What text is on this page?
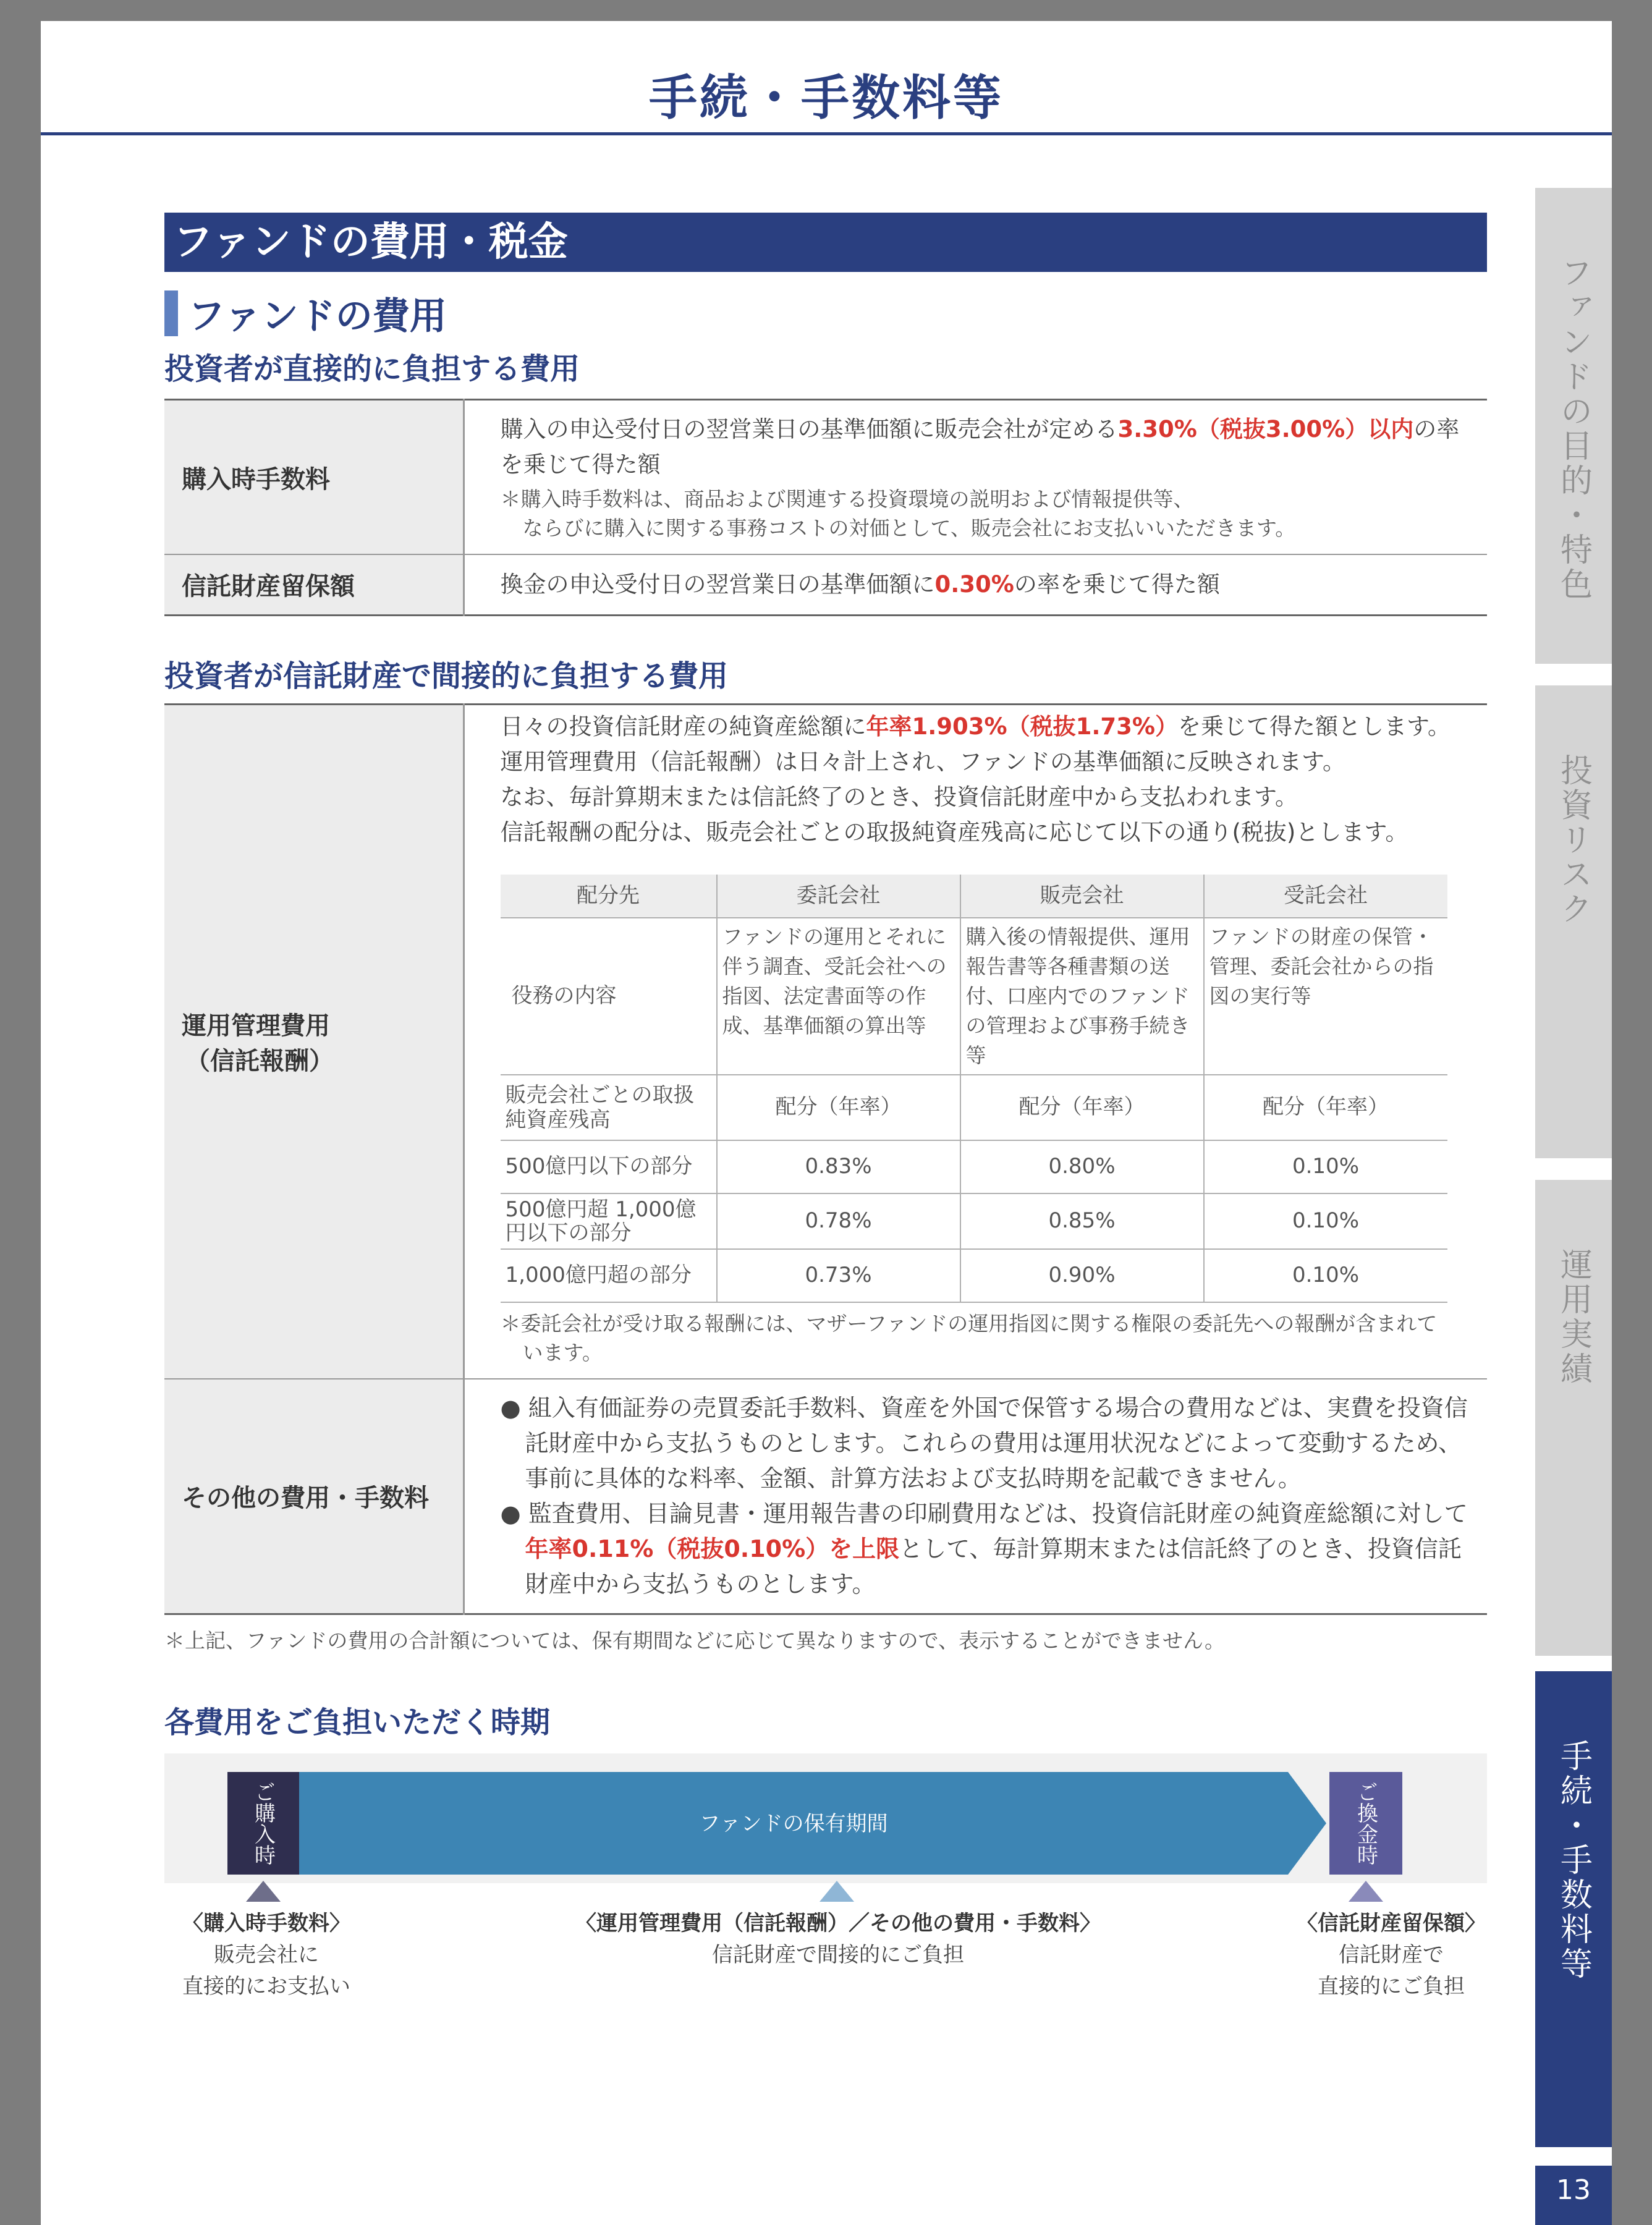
手続・手数料等
ファンドの目的・特色
投資リスク
運用実績
手続・手数料等
13
ファンドの費用・税金
ファンドの費用
投資者が直接的に負担する費用
購入時手数料	購入の申込受付日の翌営業日の基準価額に販売会社が定める3.30%（税抜3.00%）以内の率を乗じて得た額
＊購入時手数料は、商品および関連する投資環境の説明および情報提供等、
ならびに購入に関する事務コストの対価として、販売会社にお支払いいただきます。

信託財産留保額	換金の申込受付日の翌営業日の基準価額に0.30%の率を乗じて得た額
投資者が信託財産で間接的に負担する費用
運用管理費用
（信託報酬）

日々の投資信託財産の純資産総額に年率1.903%（税抜1.73%）を乗じて得た額とします。
運用管理費用（信託報酬）は日々計上され、ファンドの基準価額に反映されます。
なお、毎計算期末または信託終了のとき、投資信託財産中から支払われます。
信託報酬の配分は、販売会社ごとの取扱純資産残高に応じて以下の通り(税抜)とします。
配分先	委託会社	販売会社	受託会社
役務の内容	ファンドの運用とそれに伴う調査、受託会社への指図、法定書面等の作成、基準価額の算出等	購入後の情報提供、運用報告書等各種書類の送付、口座内でのファンドの管理および事務手続き等	ファンドの財産の保管・管理、委託会社からの指図の実行等
販売会社ごとの取扱純資産残高	配分（年率）	配分（年率）	配分（年率）
500億円以下の部分	0.83%	0.80%	0.10%
500億円超 1,000億円以下の部分	0.78%	0.85%	0.10%
1,000億円超の部分	0.73%	0.90%	0.10%
＊委託会社が受け取る報酬には、マザーファンドの運用指図に関する権限の委託先への報酬が含まれています。

その他の費用・手数料	
● 組入有価証券の売買委託手数料、資産を外国で保管する場合の費用などは、実費を投資信託財産中から支払うものとします。これらの費用は運用状況などによって変動するため、事前に具体的な料率、金額、計算方法および支払時期を記載できません。
● 監査費用、目論見書・運用報告書の印刷費用などは、投資信託財産の純資産総額に対して年率0.11%（税抜0.10%）を上限として、毎計算期末または信託終了のとき、投資信託財産中から支払うものとします。
＊上記、ファンドの費用の合計額については、保有期間などに応じて異なりますので、表示することができません。
各費用をご負担いただく時期
ご購入時	ファンドの保有期間	ご換金時
〈購入時手数料〉
販売会社に
直接的にお支払い
〈運用管理費用（信託報酬）／その他の費用・手数料〉
信託財産で間接的にご負担
〈信託財産留保額〉
信託財産で
直接的にご負担
